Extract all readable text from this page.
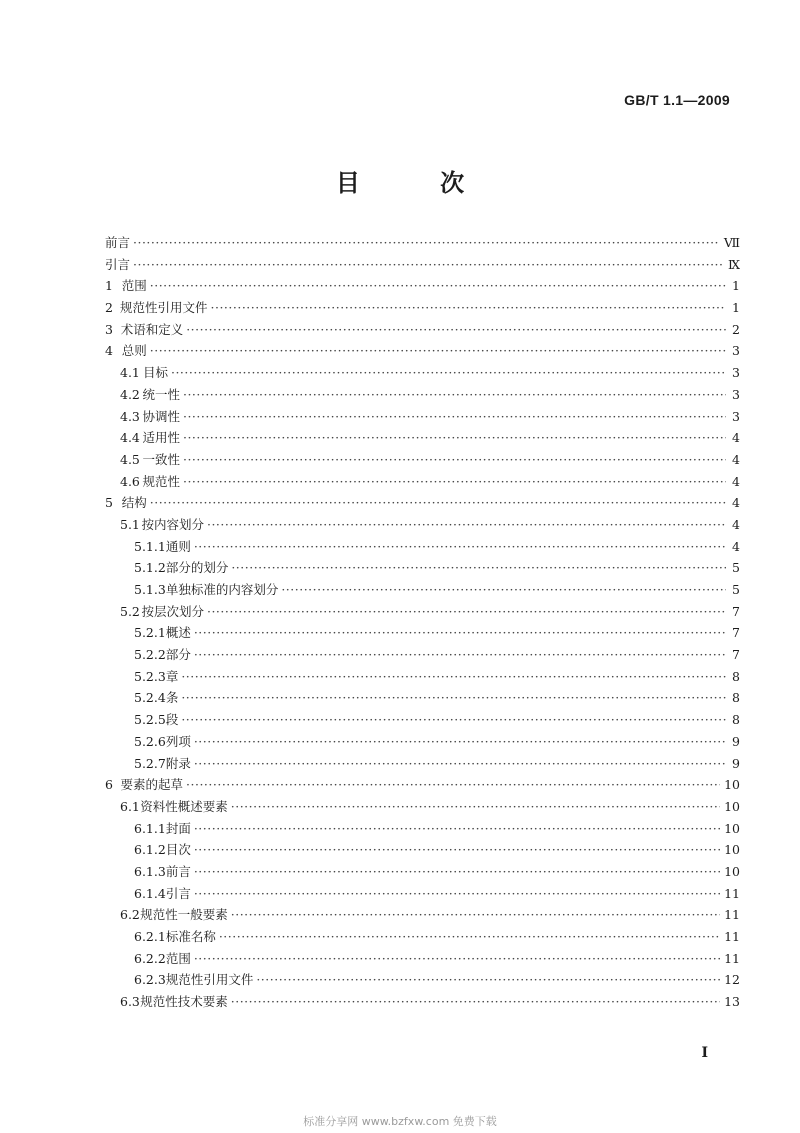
GB/T 1.1—2009
目 次
前言 ·····	Ⅶ
引言 ·····	Ⅸ
1 范围 ·····	1
2 规范性引用文件 ·····	1
3 术语和定义 ·····	2
4 总则 ·····	3
4.1 目标 ·····	3
4.2 统一性 ·····	3
4.3 协调性 ·····	3
4.4 适用性 ·····	4
4.5 一致性 ·····	4
4.6 规范性 ·····	4
5 结构 ·····	4
5.1 按内容划分 ·····	4
5.1.1 通则 ·····	4
5.1.2 部分的划分 ·····	5
5.1.3 单独标准的内容划分 ·····	5
5.2 按层次划分 ·····	7
5.2.1 概述 ·····	7
5.2.2 部分 ·····	7
5.2.3 章 ·····	8
5.2.4 条 ·····	8
5.2.5 段 ·····	8
5.2.6 列项 ·····	9
5.2.7 附录 ·····	9
6 要素的起草 ·····	10
6.1 资料性概述要素 ·····	10
6.1.1 封面 ·····	10
6.1.2 目次 ·····	10
6.1.3 前言 ·····	10
6.1.4 引言 ·····	11
6.2 规范性一般要素 ·····	11
6.2.1 标准名称 ·····	11
6.2.2 范围 ·····	11
6.2.3 规范性引用文件 ·····	12
6.3 规范性技术要素 ·····	13
I
标准分享网 www.bzfxw.com 免费下载
